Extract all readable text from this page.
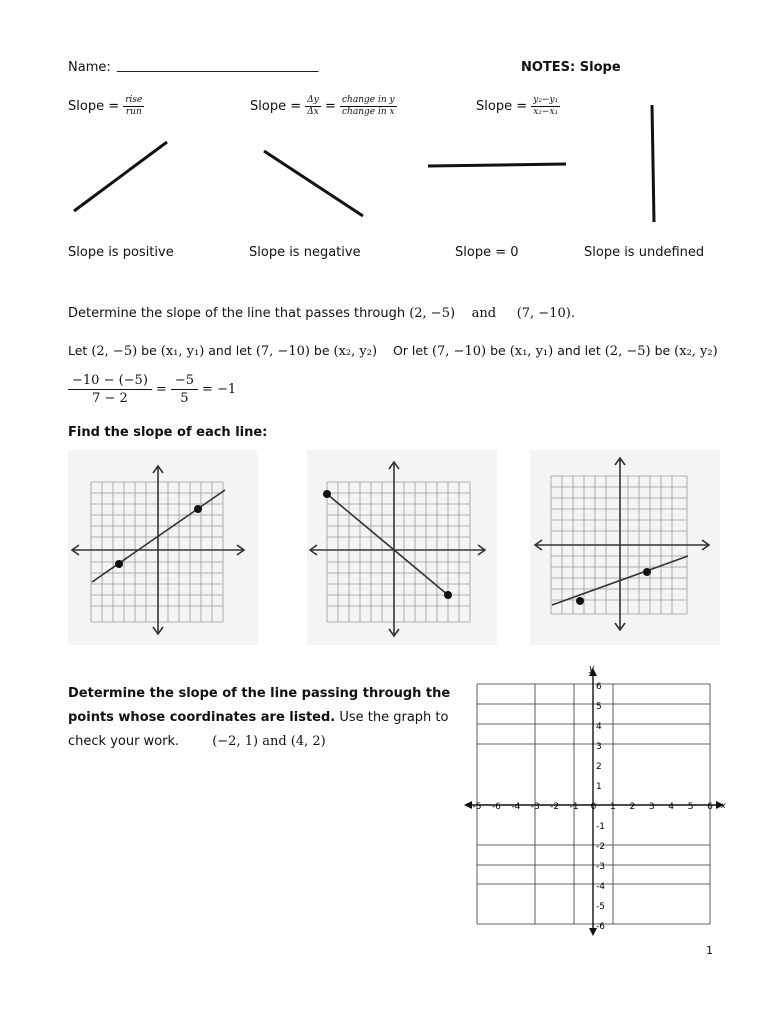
Name: _______________________________	NOTES: Slope
Slope =
$\frac{\text{rise}}{\text{run}}$	Slope =
$\frac{\Delta y}{\Delta x}$
=
$\frac{\text{change in y}}{\text{change in x}}$	Slope =
$\frac{\text{y₂−y₁}}{\text{x₂−x₁}}$
Slope is positive	Slope is negative	Slope = 0	Slope is undefined
Determine the slope of the line that passes through (2, −5) and (7, −10).
Let (2, −5) be (x₁, y₁) and let (7, −10) be (x₂, y₂) Or let (7, −10) be (x₁, y₁) and let (2, −5) be (x₂, y₂)
$\frac{-10 - (-5)}{7 - 2} = \frac{-5}{5} = -1$
Find the slope of each line:
Determine the slope of the line passing through the
points whose coordinates are listed. Use the graph to
check your work.	(−2, 1) and (4, 2)
-5 -6 -4 -3 -2 -1 0 1 2 3 4 5 6
6
5
4
3
2
1
-1
-2
-3
-4
-5
-6
y
x
1
